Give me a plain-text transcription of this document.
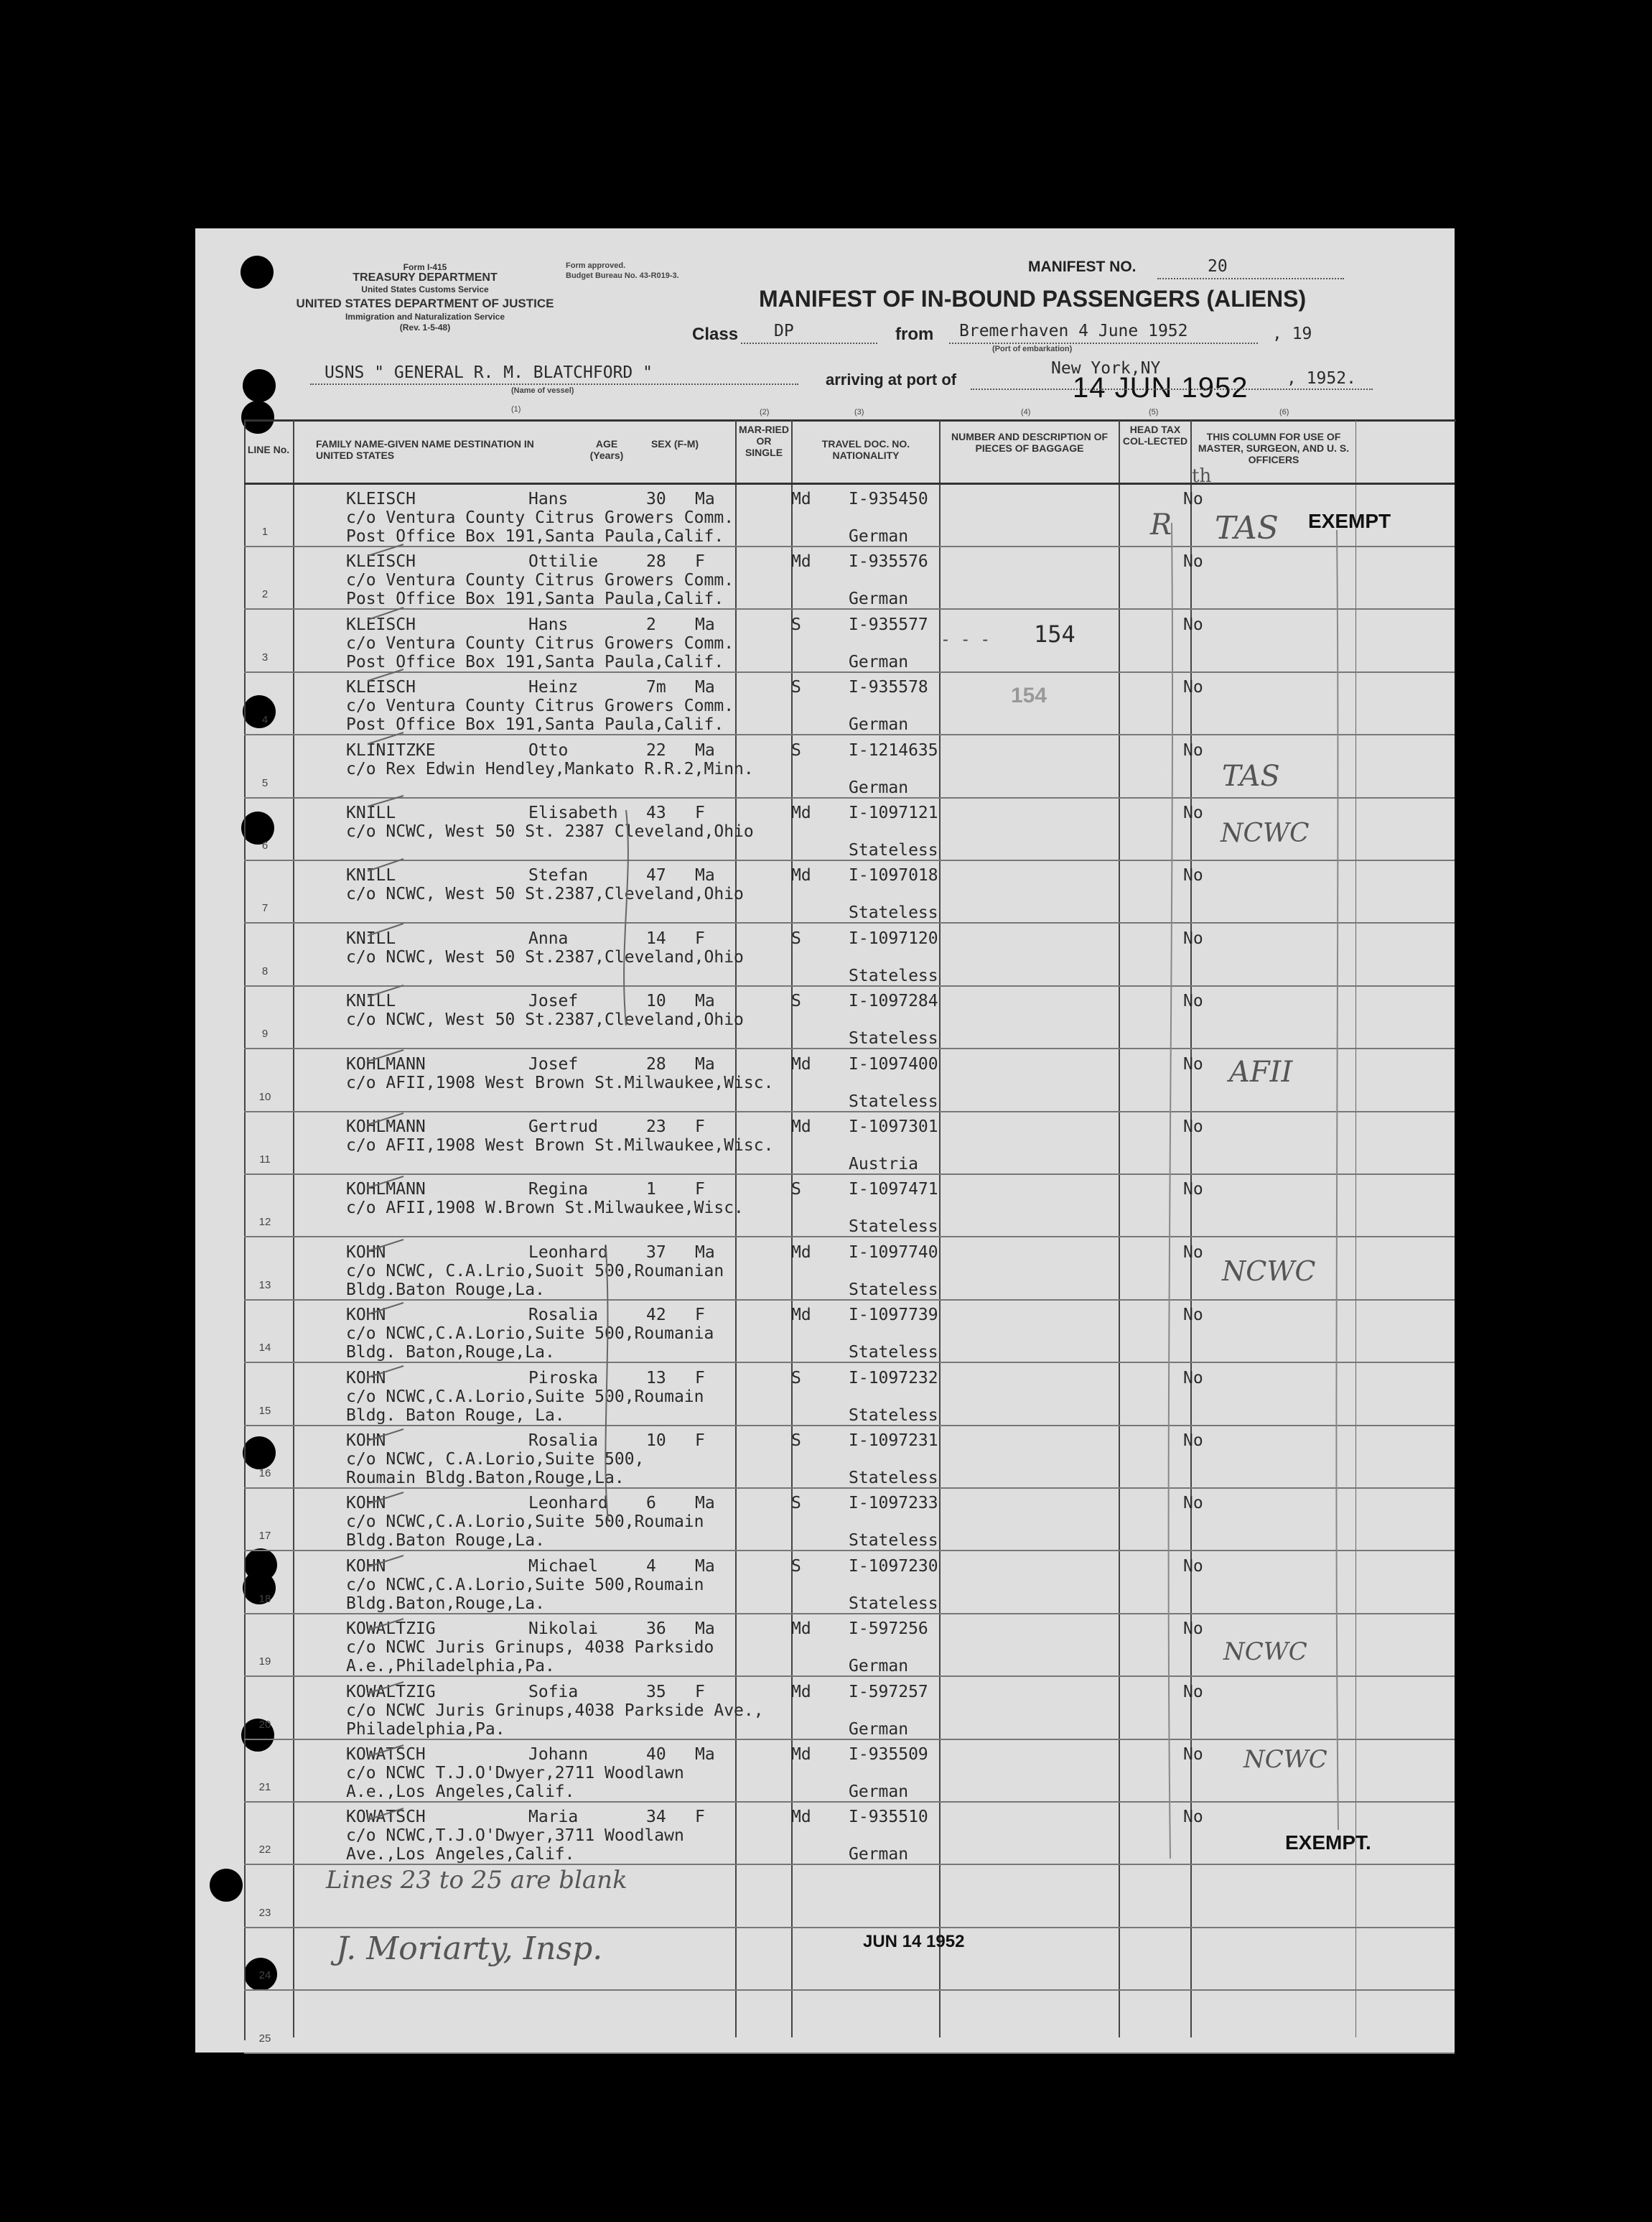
Form I-415
TREASURY DEPARTMENT
United States Customs Service
UNITED STATES DEPARTMENT OF JUSTICE
Immigration and Naturalization Service
(Rev. 1-5-48)
Form approved.
Budget Bureau No. 43-R019-3.
MANIFEST NO.	20
MANIFEST OF IN-BOUND PASSENGERS (ALIENS)
Class DP	from Bremerhaven 4 June 1952
(Port of embarkation)
, 19
USNS " GENERAL R. M. BLATCHFORD "
(Name of vessel)
(1)
arriving at port of
New York,NY
14 JUN 1952 , 1952.
(2)	(3)	(4)	(5)	(6)
LINE No.	FAMILY NAME-GIVEN NAME DESTINATION IN UNITED STATES
AGE (Years)
SEX (F-M)
MAR-RIED OR SINGLE
TRAVEL DOC. NO. NATIONALITY
NUMBER AND DESCRIPTION OF PIECES OF BAGGAGE
HEAD TAX COL-LECTED	THIS COLUMN FOR USE OF MASTER, SURGEON, AND U. S. OFFICERS
1
KLEISCH	Hans	30 Ma	Md I-935450	No
c/o Ventura County Citrus Growers Comm.
Post Office Box 191,Santa Paula,Calif.	German
2
KLEISCH	Ottilie	28 F	Md I-935576	No
c/o Ventura County Citrus Growers Comm.
Post Office Box 191,Santa Paula,Calif.	German
3
KLEISCH	Hans	2 Ma	S	I-935577	No
c/o Ventura County Citrus Growers Comm.
Post Office Box 191,Santa Paula,Calif.	German
4
KLEISCH	Heinz	7m Ma	S	I-935578	No
c/o Ventura County Citrus Growers Comm.
Post Office Box 191,Santa Paula,Calif.	German
5
KLINITZKE	Otto	22 Ma	S	I-1214635	No
c/o Rex Edwin Hendley,Mankato R.R.2,Minn.
German
6
KNILL	Elisabeth 43 F	Md I-1097121	No
c/o NCWC, West 50 St. 2387 Cleveland,Ohio
Stateless
7
KNILL	Stefan	47 Ma	Md I-1097018	No
c/o NCWC, West 50 St.2387,Cleveland,Ohio
Stateless
8
KNILL	Anna	14 F	S	I-1097120	No
c/o NCWC, West 50 St.2387,Cleveland,Ohio
Stateless
9
KNILL	Josef	10 Ma	S	I-1097284	No
c/o NCWC, West 50 St.2387,Cleveland,Ohio
Stateless
10
KOHLMANN	Josef	28 Ma	Md I-1097400	No
c/o AFII,1908 West Brown St.Milwaukee,Wisc.
Stateless
11
KOHLMANN	Gertrud	23 F	Md I-1097301	No
c/o AFII,1908 West Brown St.Milwaukee,Wisc.
Austria
12
KOHLMANN	Regina	1 F	S	I-1097471	No
c/o AFII,1908 W.Brown St.Milwaukee,Wisc.
Stateless
13
KOHN	Leonhard 37 Ma	Md I-1097740	No
c/o NCWC, C.A.Lrio,Suoit 500,Roumanian
Bldg.Baton Rouge,La.	Stateless
14
KOHN	Rosalia	42 F	Md I-1097739	No
c/o NCWC,C.A.Lorio,Suite 500,Roumania
Bldg. Baton,Rouge,La.	Stateless
15
KOHN	Piroska	13 F	S	I-1097232	No
c/o NCWC,C.A.Lorio,Suite 500,Roumain
Bldg. Baton Rouge, La.	Stateless
16
KOHN	Rosalia	10 F	S	I-1097231	No
c/o NCWC, C.A.Lorio,Suite 500,
Roumain Bldg.Baton,Rouge,La.	Stateless
17
KOHN	Leonhard 6 Ma	S	I-1097233	No
c/o NCWC,C.A.Lorio,Suite 500,Roumain
Bldg.Baton Rouge,La.	Stateless
18
KOHN	Michael	4 Ma	S	I-1097230	No
c/o NCWC,C.A.Lorio,Suite 500,Roumain
Bldg.Baton,Rouge,La.	Stateless
19
KOWALTZIG	Nikolai	36 Ma	Md I-597256	No
c/o NCWC Juris Grinups, 4038 Parksido
A.e.,Philadelphia,Pa.	German
20
KOWALTZIG	Sofia	35 F	Md I-597257	No
c/o NCWC Juris Grinups,4038 Parkside Ave.,
Philadelphia,Pa.	German
21
KOWATSCH	Johann	40 Ma	Md I-935509	No
c/o NCWC T.J.O'Dwyer,2711 Woodlawn
A.e.,Los Angeles,Calif.	German
22
KOWATSCH	Maria	34 F	Md I-935510	No
c/o NCWC,T.J.O'Dwyer,3711 Woodlawn
Ave.,Los Angeles,Calif.	German
23
24
25
154
- - -
154
EXEMPT
EXEMPT.
R
th
TAS
TAS
NCWC
AFII
NCWC
NCWC
NCWC
Lines 23 to 25 are blank
J. Moriarty, Insp.	JUN 14 1952
